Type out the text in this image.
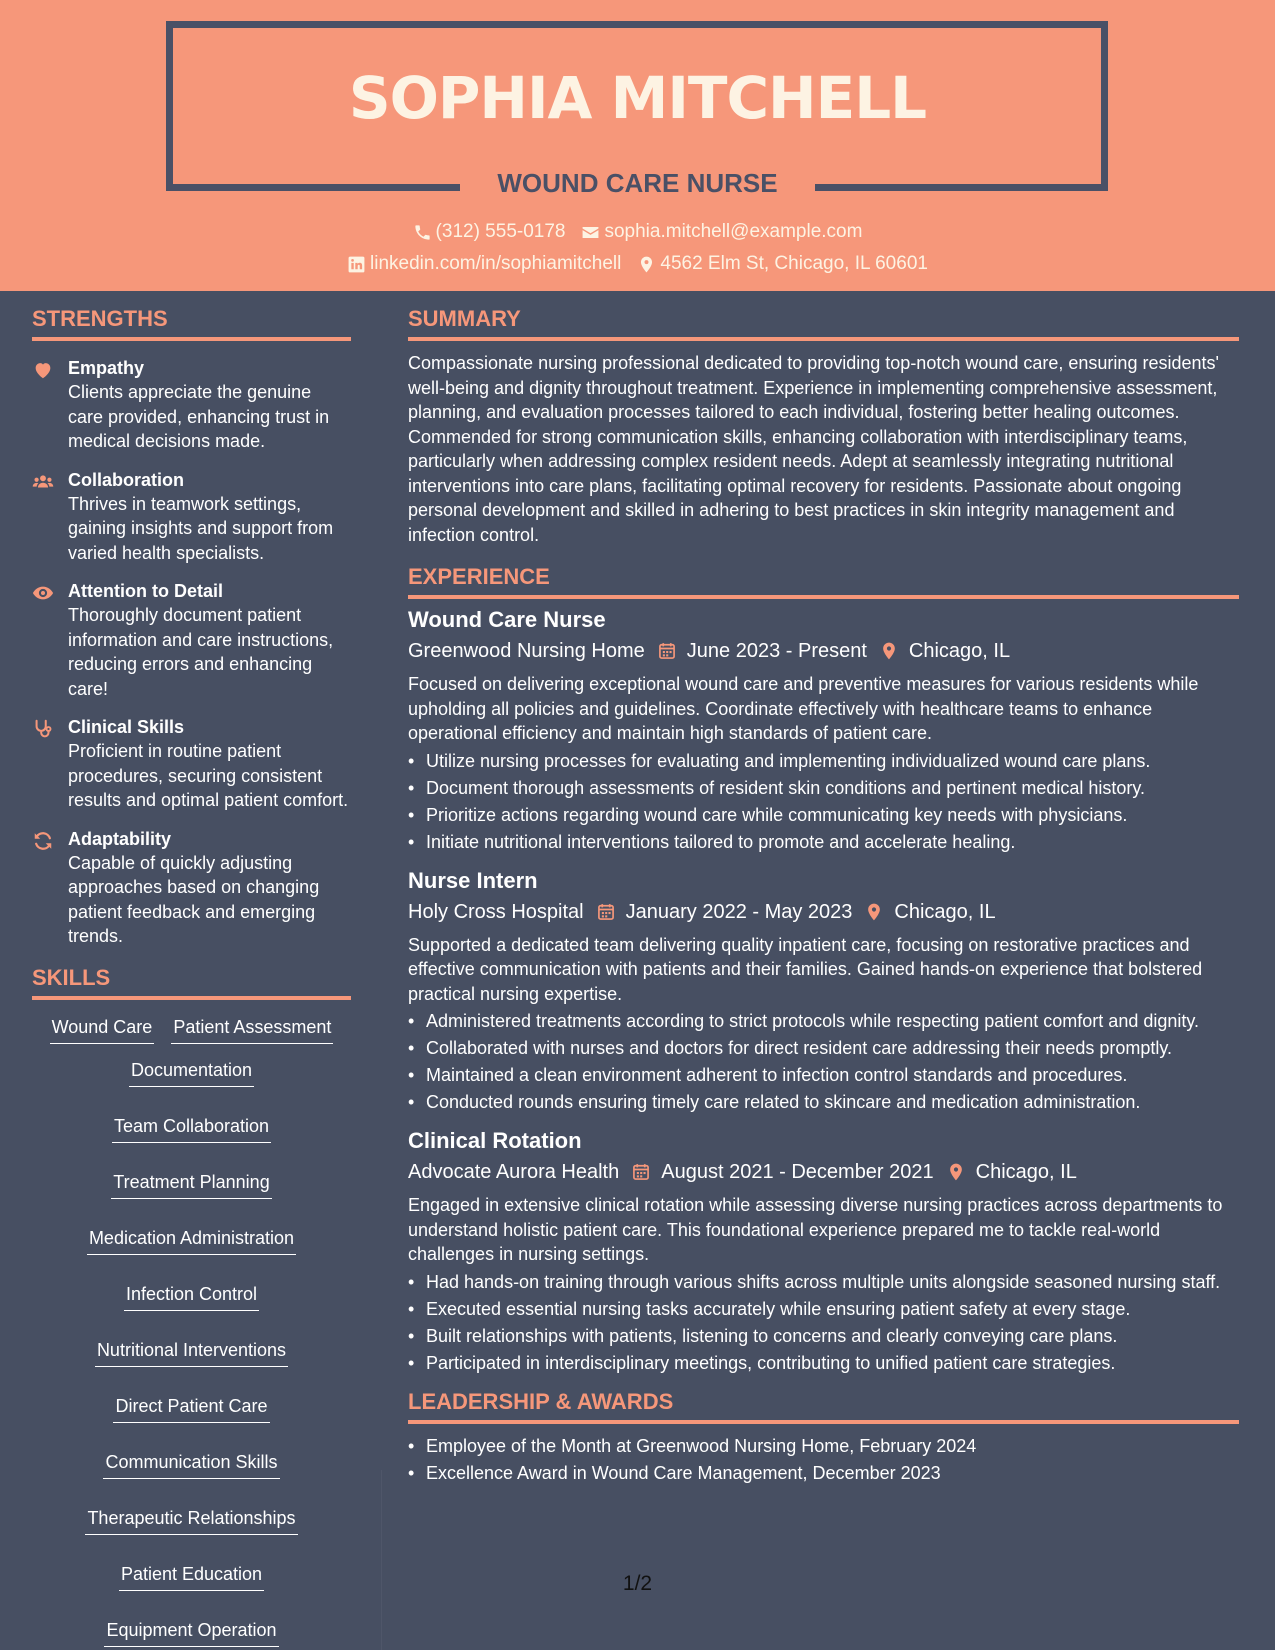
SOPHIA MITCHELL
WOUND CARE NURSE
(312) 555-0178 sophia.mitchell@example.com
linkedin.com/in/sophiamitchell 4562 Elm St, Chicago, IL 60601
STRENGTHS
Empathy
Clients appreciate the genuine care provided, enhancing trust in medical decisions made.
Collaboration
Thrives in teamwork settings, gaining insights and support from varied health specialists.
Attention to Detail
Thoroughly document patient information and care instructions, reducing errors and enhancing care!
Clinical Skills
Proficient in routine patient procedures, securing consistent results and optimal patient comfort.
Adaptability
Capable of quickly adjusting approaches based on changing patient feedback and emerging trends.
SKILLS
Wound Care Patient Assessment
Documentation
Team Collaboration
Treatment Planning
Medication Administration
Infection Control
Nutritional Interventions
Direct Patient Care
Communication Skills
Therapeutic Relationships
Patient Education
Equipment Operation
SUMMARY
Compassionate nursing professional dedicated to providing top-notch wound care, ensuring residents' well-being and dignity throughout treatment. Experience in implementing comprehensive assessment, planning, and evaluation processes tailored to each individual, fostering better healing outcomes. Commended for strong communication skills, enhancing collaboration with interdisciplinary teams, particularly when addressing complex resident needs. Adept at seamlessly integrating nutritional interventions into care plans, facilitating optimal recovery for residents. Passionate about ongoing personal development and skilled in adhering to best practices in skin integrity management and infection control.
EXPERIENCE
Wound Care Nurse
Greenwood Nursing Home June 2023 - Present Chicago, IL
Focused on delivering exceptional wound care and preventive measures for various residents while upholding all policies and guidelines. Coordinate effectively with healthcare teams to enhance operational efficiency and maintain high standards of patient care.
• Utilize nursing processes for evaluating and implementing individualized wound care plans.
• Document thorough assessments of resident skin conditions and pertinent medical history.
• Prioritize actions regarding wound care while communicating key needs with physicians.
• Initiate nutritional interventions tailored to promote and accelerate healing.
Nurse Intern
Holy Cross Hospital January 2022 - May 2023 Chicago, IL
Supported a dedicated team delivering quality inpatient care, focusing on restorative practices and effective communication with patients and their families. Gained hands-on experience that bolstered practical nursing expertise.
• Administered treatments according to strict protocols while respecting patient comfort and dignity.
• Collaborated with nurses and doctors for direct resident care addressing their needs promptly.
• Maintained a clean environment adherent to infection control standards and procedures.
• Conducted rounds ensuring timely care related to skincare and medication administration.
Clinical Rotation
Advocate Aurora Health August 2021 - December 2021 Chicago, IL
Engaged in extensive clinical rotation while assessing diverse nursing practices across departments to understand holistic patient care. This foundational experience prepared me to tackle real-world challenges in nursing settings.
• Had hands-on training through various shifts across multiple units alongside seasoned nursing staff.
• Executed essential nursing tasks accurately while ensuring patient safety at every stage.
• Built relationships with patients, listening to concerns and clearly conveying care plans.
• Participated in interdisciplinary meetings, contributing to unified patient care strategies.
LEADERSHIP & AWARDS
• Employee of the Month at Greenwood Nursing Home, February 2024
• Excellence Award in Wound Care Management, December 2023
1/2
